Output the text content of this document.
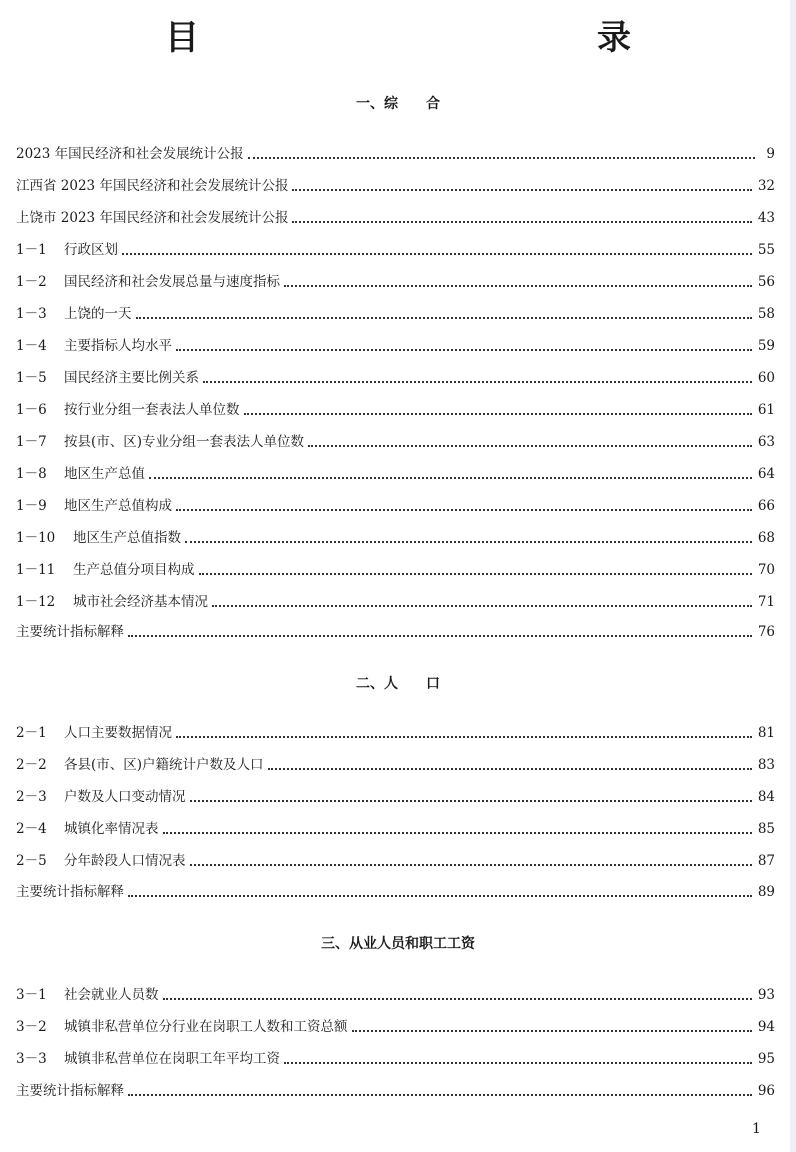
目　　录
一、综　　合
2023 年国民经济和社会发展统计公报	9
江西省 2023 年国民经济和社会发展统计公报	32
上饶市 2023 年国民经济和社会发展统计公报	43
1－1	行政区划	55
1－2	国民经济和社会发展总量与速度指标	56
1－3	上饶的一天	58
1－4	主要指标人均水平	59
1－5	国民经济主要比例关系	60
1－6	按行业分组一套表法人单位数	61
1－7	按县(市、区)专业分组一套表法人单位数	63
1－8	地区生产总值	64
1－9	地区生产总值构成	66
1－10	地区生产总值指数	68
1－11	生产总值分项目构成	70
1－12	城市社会经济基本情况	71
主要统计指标解释	76
二、人　　口
2－1	人口主要数据情况	81
2－2	各县(市、区)户籍统计户数及人口	83
2－3	户数及人口变动情况	84
2－4	城镇化率情况表	85
2－5	分年龄段人口情况表	87
主要统计指标解释	89
三、从业人员和职工工资
3－1	社会就业人员数	93
3－2	城镇非私营单位分行业在岗职工人数和工资总额	94
3－3	城镇非私营单位在岗职工年平均工资	95
主要统计指标解释	96
1
